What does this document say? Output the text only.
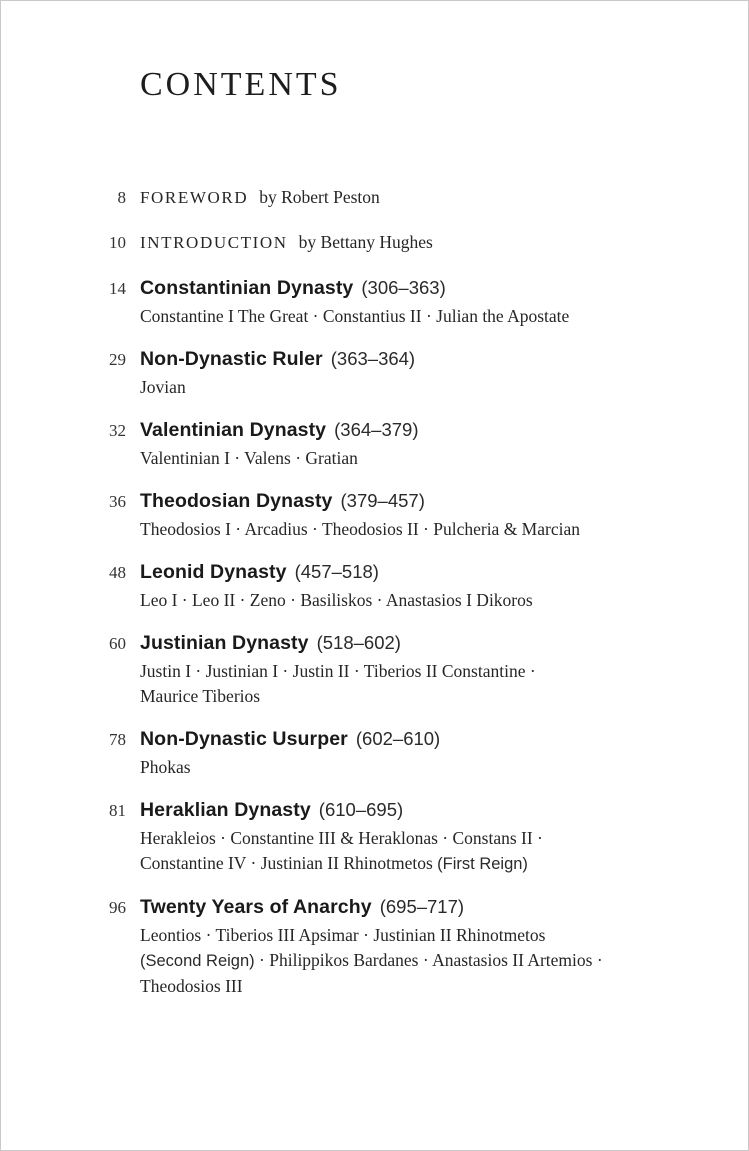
CONTENTS
8 FOREWORD by Robert Peston
10 INTRODUCTION by Bettany Hughes
14 Constantinian Dynasty (306–363)
Constantine I The Great · Constantius II · Julian the Apostate
29 Non-Dynastic Ruler (363–364)
Jovian
32 Valentinian Dynasty (364–379)
Valentinian I · Valens · Gratian
36 Theodosian Dynasty (379–457)
Theodosios I · Arcadius · Theodosios II · Pulcheria & Marcian
48 Leonid Dynasty (457–518)
Leo I · Leo II · Zeno · Basiliskos · Anastasios I Dikoros
60 Justinian Dynasty (518–602)
Justin I · Justinian I · Justin II · Tiberios II Constantine ·
Maurice Tiberios
78 Non-Dynastic Usurper (602–610)
Phokas
81 Heraklian Dynasty (610–695)
Herakleios · Constantine III & Heraklonas · Constans II ·
Constantine IV · Justinian II Rhinotmetos (First Reign)
96 Twenty Years of Anarchy (695–717)
Leontios · Tiberios III Apsimar · Justinian II Rhinotmetos
(Second Reign) · Philippikos Bardanes · Anastasios II Artemios ·
Theodosios III
